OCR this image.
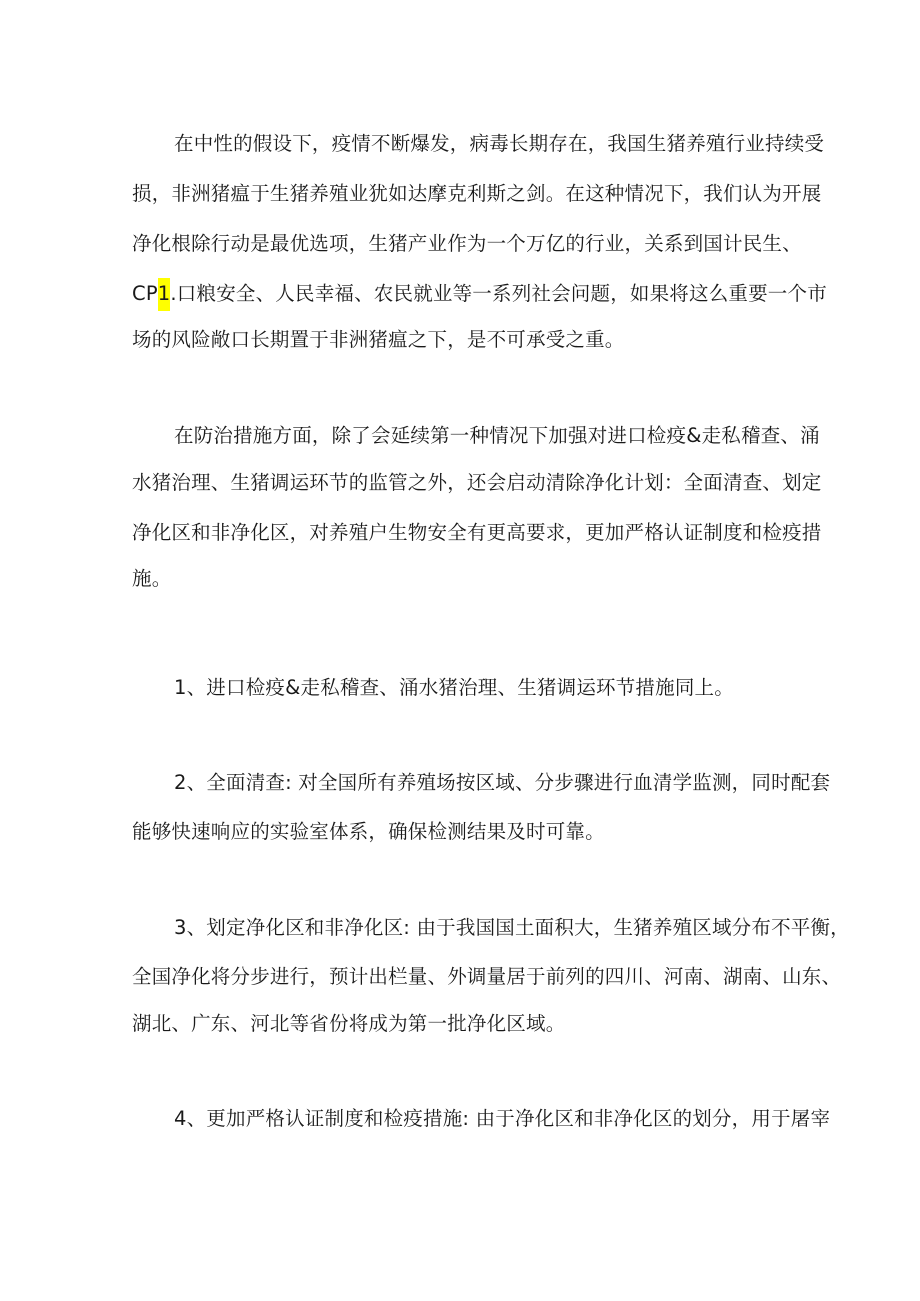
在中性的假设下，疫情不断爆发，病毒长期存在，我国生猪养殖行业持续受
损，非洲猪瘟于生猪养殖业犹如达摩克利斯之剑。在这种情况下，我们认为开展
净化根除行动是最优选项，生猪产业作为一个万亿的行业，关系到国计民生、
CP1.口粮安全、人民幸福、农民就业等一系列社会问题，如果将这么重要一个市
场的风险敞口长期置于非洲猪瘟之下，是不可承受之重。
在防治措施方面，除了会延续第一种情况下加强对进口检疫&走私稽查、涌
水猪治理、生猪调运环节的监管之外，还会启动清除净化计划：全面清查、划定
净化区和非净化区，对养殖户生物安全有更高要求，更加严格认证制度和检疫措
施。
1、进口检疫&走私稽查、涌水猪治理、生猪调运环节措施同上。
2、全面清查: 对全国所有养殖场按区域、分步骤进行血清学监测，同时配套
能够快速响应的实验室体系，确保检测结果及时可靠。
3、划定净化区和非净化区: 由于我国国土面积大，生猪养殖区域分布不平衡，
全国净化将分步进行，预计出栏量、外调量居于前列的四川、河南、湖南、山东、
湖北、广东、河北等省份将成为第一批净化区域。
4、更加严格认证制度和检疫措施: 由于净化区和非净化区的划分，用于屠宰
